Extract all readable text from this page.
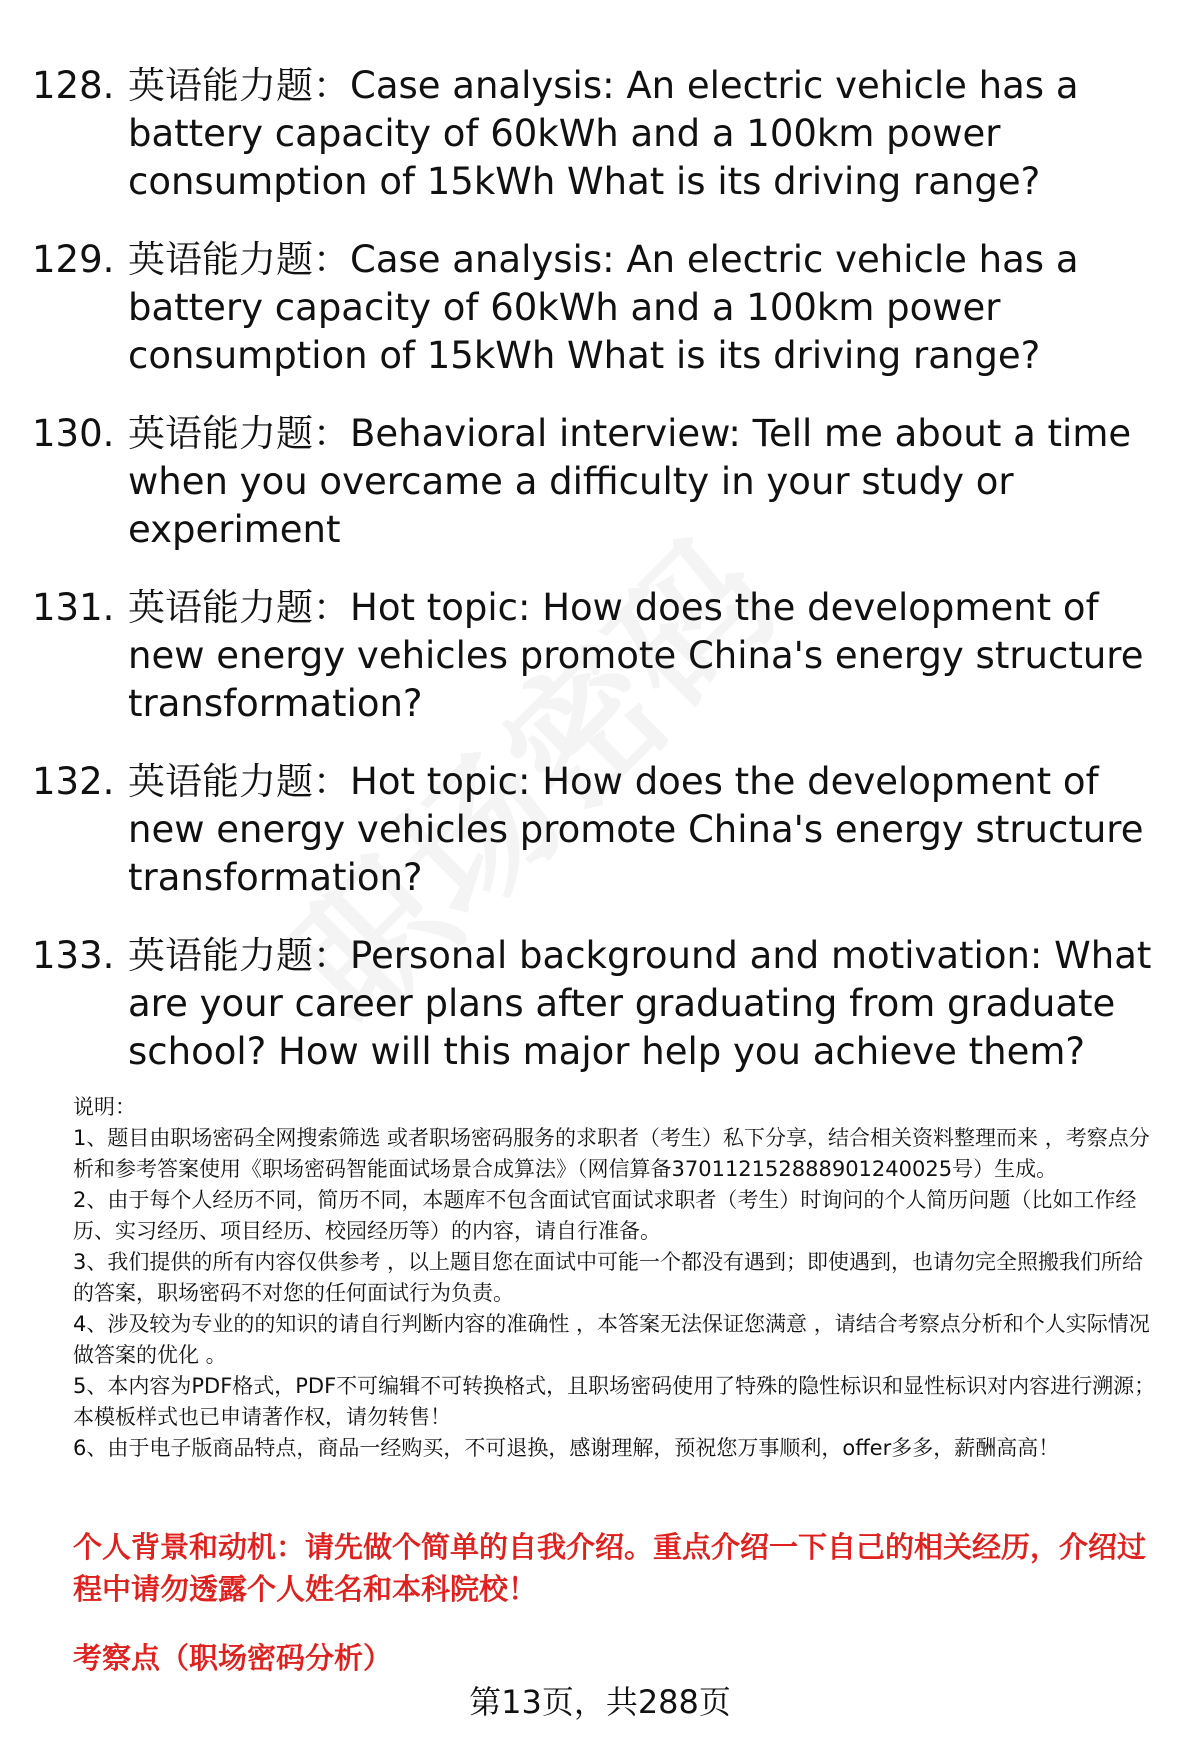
128. 英语能力题：Case analysis: An electric vehicle has a battery capacity of 60kWh and a 100km power consumption of 15kWh What is its driving range?
129. 英语能力题：Case analysis: An electric vehicle has a battery capacity of 60kWh and a 100km power consumption of 15kWh What is its driving range?
130. 英语能力题：Behavioral interview: Tell me about a time when you overcame a difficulty in your study or experiment
131. 英语能力题：Hot topic: How does the development of new energy vehicles promote China's energy structure transformation?
132. 英语能力题：Hot topic: How does the development of new energy vehicles promote China's energy structure transformation?
133. 英语能力题：Personal background and motivation: What are your career plans after graduating from graduate school? How will this major help you achieve them?

说明：

1、题目由职场密码全网搜索筛选 或者职场密码服务的求职者（考生）私下分享，结合相关资料整理而来 ，考察点分析和参考答案使用《职场密码智能面试场景合成算法》（网信算备370112152888901240025号）生成。

2、由于每个人经历不同，简历不同，本题库不包含面试官面试求职者（考生）时询问的个人简历问题（比如工作经历、实习经历、项目经历、校园经历等）的内容，请自行准备。

3、我们提供的所有内容仅供参考 ，以上题目您在面试中可能一个都没有遇到；即使遇到，也请勿完全照搬我们所给的答案，职场密码不对您的任何面试行为负责。

4、涉及较为专业的的知识的请自行判断内容的准确性 ，本答案无法保证您满意 ，请结合考察点分析和个人实际情况做答案的优化 。

5、本内容为PDF格式，PDF不可编辑不可转换格式，且职场密码使用了特殊的隐性标识和显性标识对内容进行溯源；本模板样式也已申请著作权，请勿转售！

6、由于电子版商品特点，商品一经购买，不可退换，感谢理解，预祝您万事顺利，offer多多，薪酬高高！

个人背景和动机：请先做个简单的自我介绍。重点介绍一下自己的相关经历，介绍过程中请勿透露个人姓名和本科院校！
考察点（职场密码分析）
第13页，共288页
